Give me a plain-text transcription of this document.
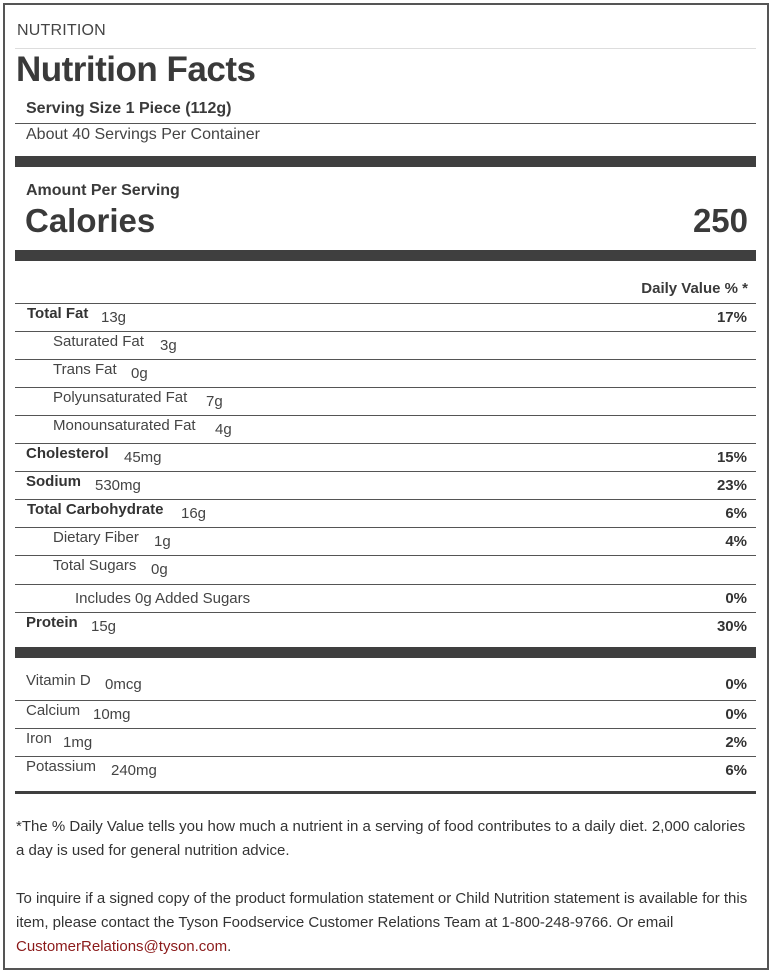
NUTRITION
Nutrition Facts
Serving Size 1 Piece (112g)
About 40 Servings Per Container
Amount Per Serving
Calories	250
Daily Value % *
Total Fat 13g	17%
Saturated Fat 3g
Trans Fat 0g
Polyunsaturated Fat 7g
Monounsaturated Fat 4g
Cholesterol 45mg	15%
Sodium 530mg	23%
Total Carbohydrate 16g	6%
Dietary Fiber 1g	4%
Total Sugars 0g
Includes 0g Added Sugars	0%
Protein 15g	30%
Vitamin D 0mcg	0%
Calcium 10mg	0%
Iron 1mg	2%
Potassium 240mg	6%
*The % Daily Value tells you how much a nutrient in a serving of food contributes to a daily diet. 2,000 calories a day is used for general nutrition advice.
To inquire if a signed copy of the product formulation statement or Child Nutrition statement is available for this item, please contact the Tyson Foodservice Customer Relations Team at 1-800-248-9766. Or email CustomerRelations@tyson.com.
